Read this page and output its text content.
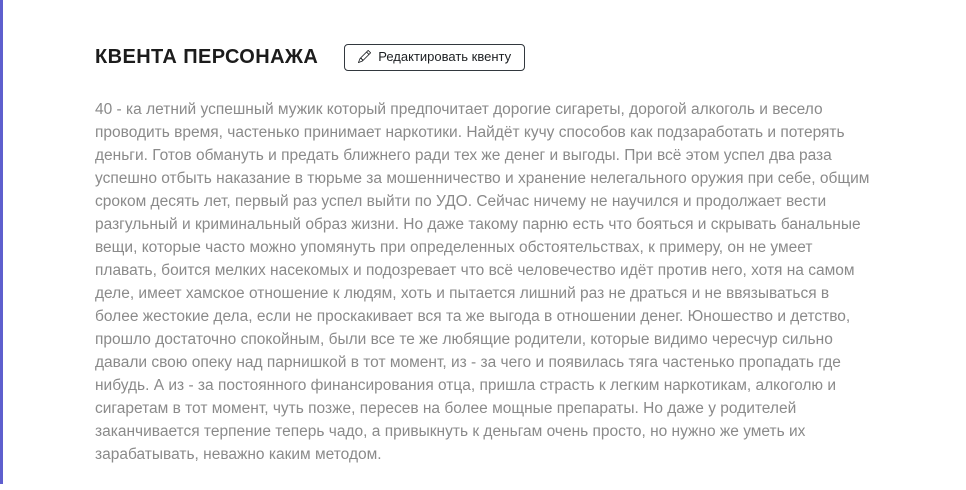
КВЕНТА ПЕРСОНАЖА	Редактировать квенту
40 - ка летний успешный мужик который предпочитает дорогие сигареты, дорогой алкоголь и весело проводить время, частенько принимает наркотики. Найдёт кучу способов как подзаработать и потерять деньги. Готов обмануть и предать ближнего ради тех же денег и выгоды. При всё этом успел два раза успешно отбыть наказание в тюрьме за мошенничество и хранение нелегального оружия при себе, общим сроком десять лет, первый раз успел выйти по УДО. Сейчас ничему не научился и продолжает вести разгульный и криминальный образ жизни. Но даже такому парню есть что бояться и скрывать банальные вещи, которые часто можно упомянуть при определенных обстоятельствах, к примеру, он не умеет плавать, боится мелких насекомых и подозревает что всё человечество идёт против него, хотя на самом деле, имеет хамское отношение к людям, хоть и пытается лишний раз не драться и не ввязываться в более жестокие дела, если не проскакивает вся та же выгода в отношении денег. Юношество и детство, прошло достаточно спокойным, были все те же любящие родители, которые видимо чересчур сильно давали свою опеку над парнишкой в тот момент, из - за чего и появилась тяга частенько пропадать где нибудь. А из - за постоянного финансирования отца, пришла страсть к легким наркотикам, алкоголю и сигаретам в тот момент, чуть позже, пересев на более мощные препараты. Но даже у родителей заканчивается терпение теперь чадо, а привыкнуть к деньгам очень просто, но нужно же уметь их зарабатывать, неважно каким методом.
